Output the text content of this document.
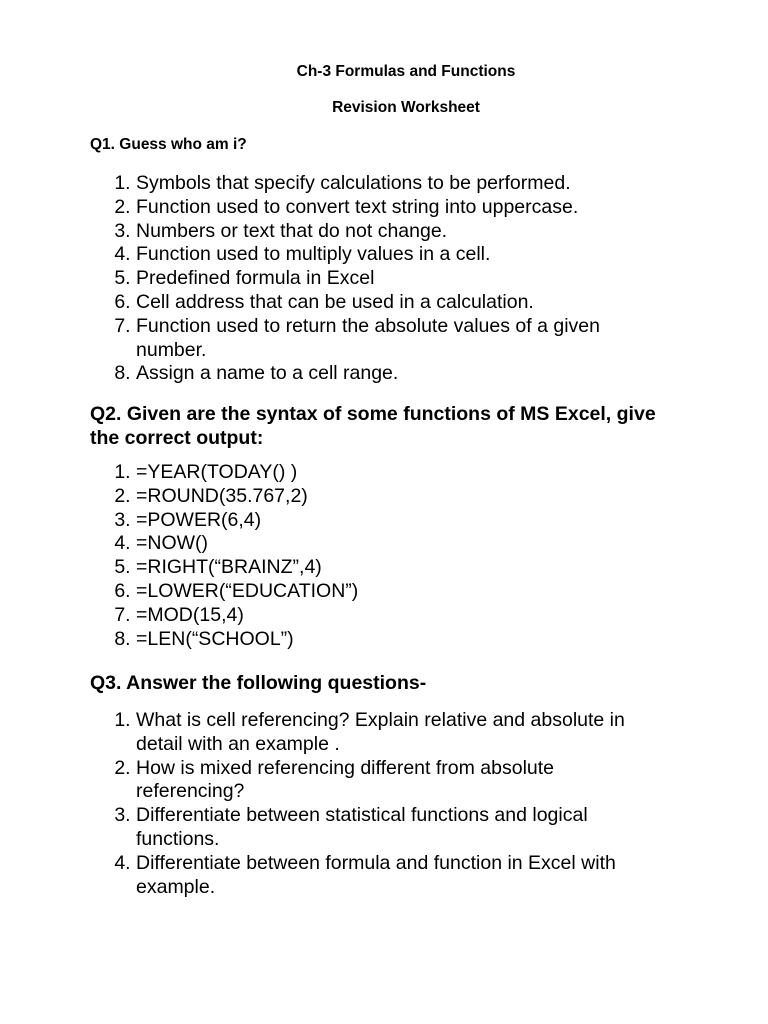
Ch-3 Formulas and Functions
Revision Worksheet
Q1. Guess who am i?
1. Symbols that specify calculations to be performed.
2. Function used to convert text string into uppercase.
3. Numbers or text that do not change.
4. Function used to multiply values in a cell.
5. Predefined formula in Excel
6. Cell address that can be used in a calculation.
7. Function used to return the absolute values of a given number.
8. Assign a name to a cell range.
Q2. Given are the syntax of some functions of MS Excel, give the correct output:
1. =YEAR(TODAY() )
2. =ROUND(35.767,2)
3. =POWER(6,4)
4. =NOW()
5. =RIGHT(“BRAINZ”,4)
6. =LOWER(“EDUCATION”)
7. =MOD(15,4)
8. =LEN(“SCHOOL”)
Q3. Answer the following questions-
1. What is cell referencing? Explain relative and absolute in detail with an example .
2. How is mixed referencing different from absolute referencing?
3. Differentiate between statistical functions and logical functions.
4. Differentiate between formula and function in Excel with example.
